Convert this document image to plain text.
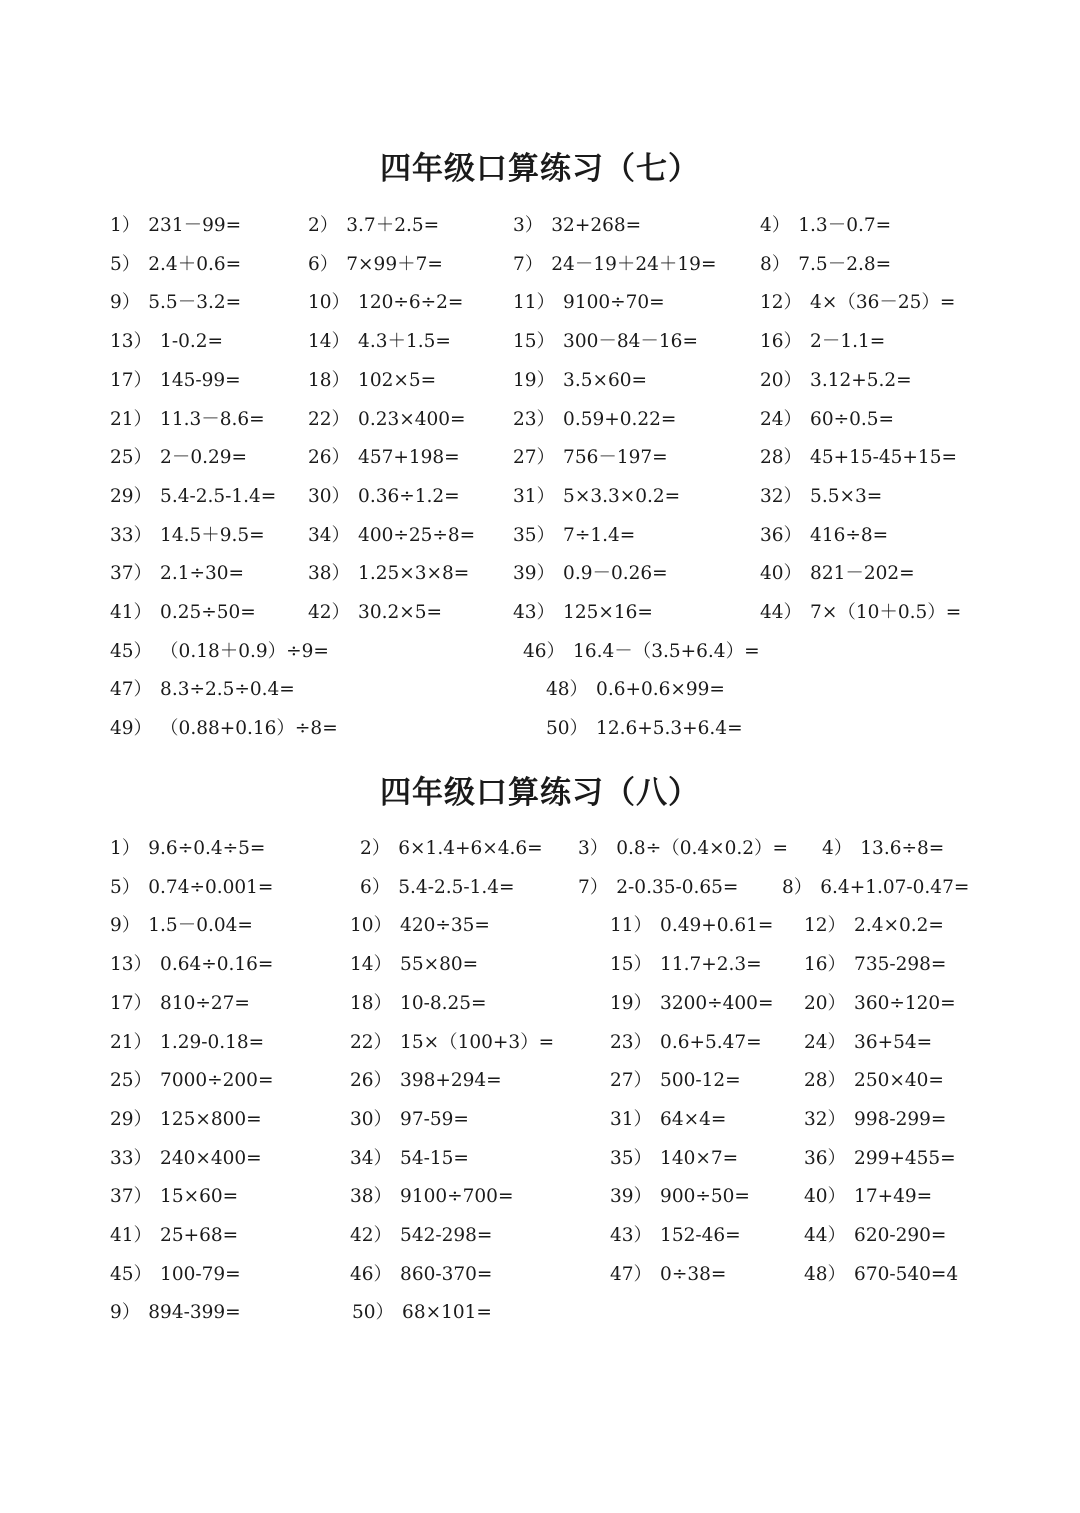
四年级口算练习（七）
1） 231－99=	2） 3.7＋2.5=	3） 32+268=	4） 1.3－0.7=
5） 2.4＋0.6=	6） 7×99＋7=	7） 24－19＋24＋19= 8） 7.5－2.8=
9） 5.5－3.2=	10） 120÷6÷2=	11） 9100÷70=	12） 4×（36－25）=
13） 1-0.2=	14） 4.3＋1.5=	15） 300－84－16=	16） 2－1.1=
17） 145-99=	18） 102×5=	19） 3.5×60=	20） 3.12+5.2=
21） 11.3－8.6= 22） 0.23×400=	23） 0.59+0.22=	24） 60÷0.5=
25） 2－0.29=	26） 457+198=	27） 756－197=	28） 45+15-45+15=
29） 5.4-2.5-1.4= 30） 0.36÷1.2=	31） 5×3.3×0.2=	32） 5.5×3=
33） 14.5＋9.5= 34） 400÷25÷8= 35） 7÷1.4=	36） 416÷8=
37） 2.1÷30=	38） 1.25×3×8= 39） 0.9－0.26=	40） 821－202=
41） 0.25÷50=	42） 30.2×5=	43） 125×16=	44） 7×（10＋0.5）=
45） （0.18＋0.9）÷9=	46） 16.4－（3.5+6.4）=
47） 8.3÷2.5÷0.4=	48） 0.6+0.6×99=
49） （0.88+0.16）÷8=	50） 12.6+5.3+6.4=
四年级口算练习（八）
1） 9.6÷0.4÷5=	2） 6×1.4+6×4.6= 3） 0.8÷（0.4×0.2）= 4） 13.6÷8=
5） 0.74÷0.001=	6） 5.4-2.5-1.4=	7） 2-0.35-0.65= 8） 6.4+1.07-0.47=
9） 1.5－0.04=	10） 420÷35=	11） 0.49+0.61= 12） 2.4×0.2=
13） 0.64÷0.16=	14） 55×80=	15） 11.7+2.3= 16） 735-298=
17） 810÷27=	18） 10-8.25=	19） 3200÷400= 20） 360÷120=
21） 1.29-0.18=	22） 15×（100+3）=	23） 0.6+5.47= 24） 36+54=
25） 7000÷200=	26） 398+294=	27） 500-12=	28） 250×40=
29） 125×800=	30） 97-59=	31） 64×4=	32） 998-299=
33） 240×400=	34） 54-15=	35） 140×7=	36） 299+455=
37） 15×60=	38） 9100÷700=	39） 900÷50=	40） 17+49=
41） 25+68=	42） 542-298=	43） 152-46=	44） 620-290=
45） 100-79=	46） 860-370=	47） 0÷38=	48） 670-540=4
9） 894-399=	50） 68×101=
